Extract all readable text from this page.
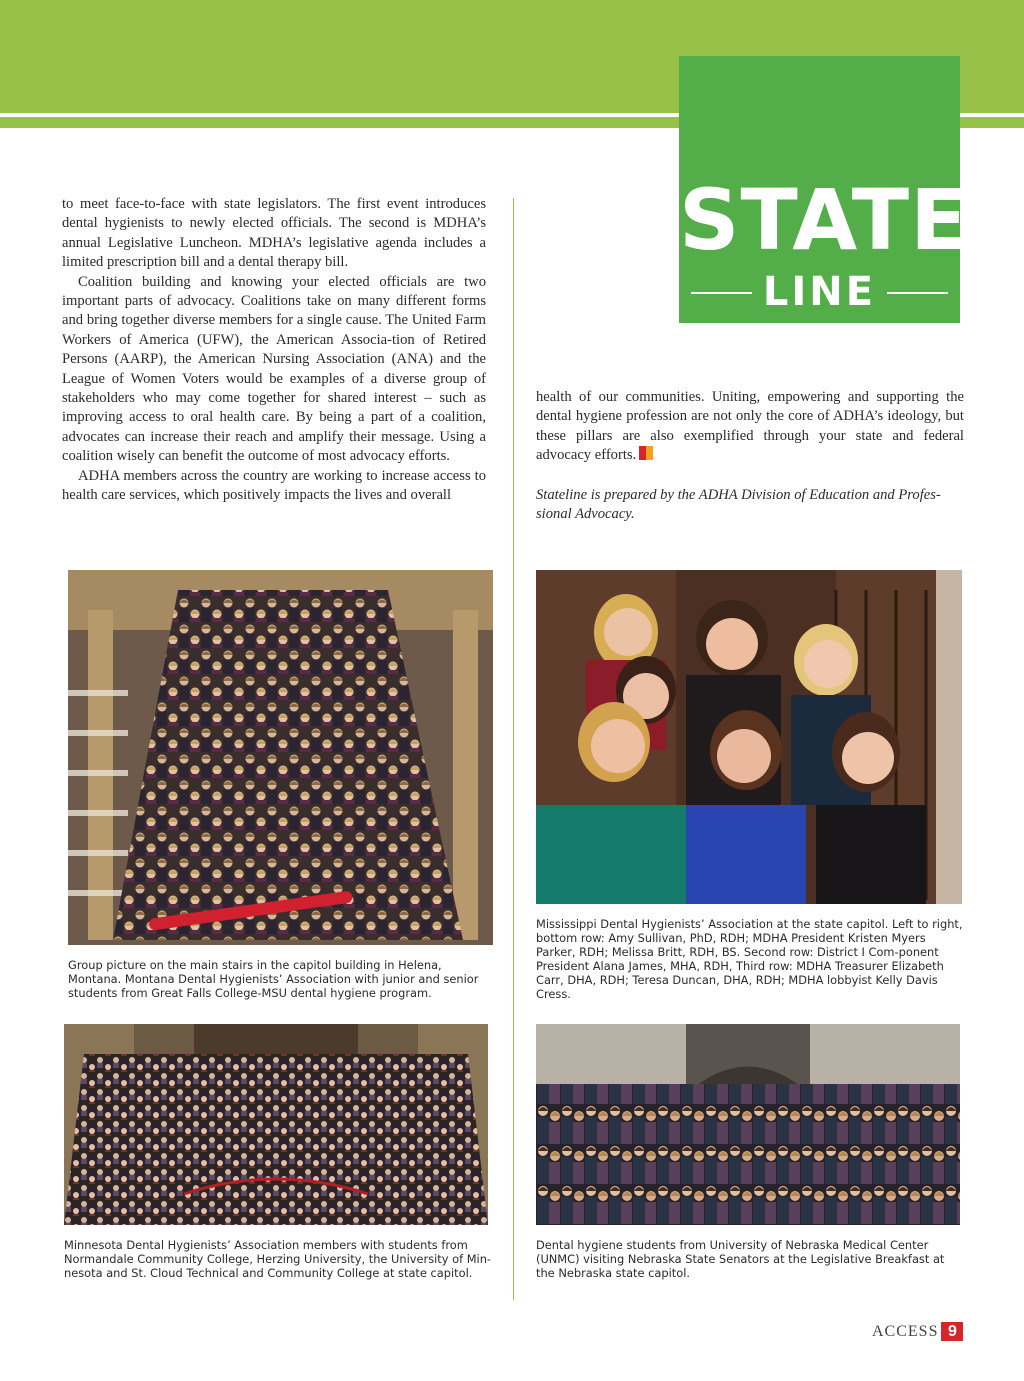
STATE
LINE

to meet face-to-face with state legislators. The first event introduces dental hygienists to newly elected officials. The second is MDHA’s annual Legislative Luncheon. MDHA’s legislative agenda includes a limited prescription bill and a dental therapy bill.

Coalition building and knowing your elected officials are two important parts of advocacy. Coalitions take on many different forms and bring together diverse members for a single cause. The United Farm Workers of America (UFW), the American Associa-tion of Retired Persons (AARP), the American Nursing Association (ANA) and the League of Women Voters would be examples of a diverse group of stakeholders who may come together for shared interest – such as improving access to oral health care. By being a part of a coalition, advocates can increase their reach and amplify their message. Using a coalition wisely can benefit the outcome of most advocacy efforts.

ADHA members across the country are working to increase access to health care services, which positively impacts the lives and overall

health of our communities. Uniting, empowering and supporting the dental hygiene profession are not only the core of ADHA’s ideology, but these pillars are also exemplified through your state and federal advocacy efforts.

Stateline is prepared by the ADHA Division of Education and Profes-sional Advocacy.
Group picture on the main stairs in the capitol building in Helena, Montana. Montana Dental Hygienists’ Association with junior and senior students from Great Falls College-MSU dental hygiene program.
Mississippi Dental Hygienists’ Association at the state capitol. Left to right, bottom row: Amy Sullivan, PhD, RDH; MDHA President Kristen Myers Parker, RDH; Melissa Britt, RDH, BS. Second row: District I Com-ponent President Alana James, MHA, RDH, Third row: MDHA Treasurer Elizabeth Carr, DHA, RDH; Teresa Duncan, DHA, RDH; MDHA lobbyist Kelly Davis Cress.
Minnesota Dental Hygienists’ Association members with students from Normandale Community College, Herzing University, the University of Min-nesota and St. Cloud Technical and Community College at state capitol.
Dental hygiene students from University of Nebraska Medical Center (UNMC) visiting Nebraska State Senators at the Legislative Breakfast at the Nebraska state capitol.
ACCESS 9
